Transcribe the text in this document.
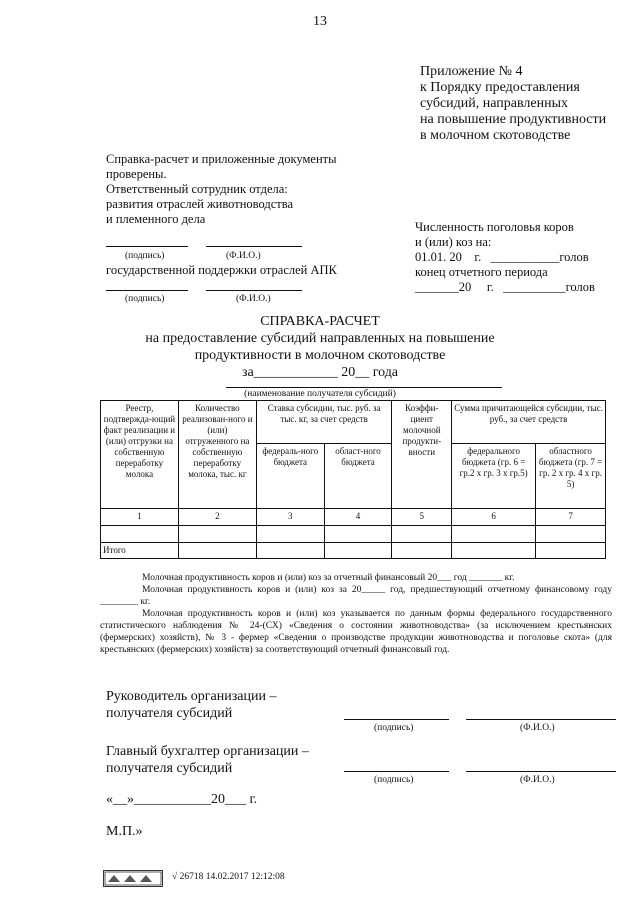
13
Приложение № 4
к Порядку предоставления
субсидий, направленных
на повышение продуктивности
в молочном скотоводстве
Справка-расчет и приложенные документы
проверены.
Ответственный сотрудник отдела:
развития отраслей животноводства
и племенного дела
(подпись)	(Ф.И.О.)
государственной поддержки отраслей АПК
(подпись)	(Ф.И.О.)
Численность поголовья коров
и (или) коз на:
01.01. 20    г.   ___________голов
конец отчетного периода
_______20     г.   __________голов
СПРАВКА-РАСЧЕТ
на предоставление субсидий направленных на повышение
продуктивности в молочном скотоводстве
за____________ 20__ года
(наименование получателя субсидий)
Реестр, подтвержда-ющий факт реализации и (или) отгрузки на собственную переработку молока	Количество реализован-ного и (или) отгруженного на собственную переработку молока, тыс. кг	Ставка субсидии, тыс. руб. за тыс. кг, за счет средств		Коэффи-циент молочной продукти-вности	Сумма причитающейся субсидии, тыс. руб., за счет средств	
		федераль-ного бюджета	област-ного бюджета		федерального бюджета (гр. 6 = гр.2 х гр. 3 х гр.5)	областного бюджета (гр. 7 = гр. 2 х гр. 4 х гр. 5)
1	2	3	4	5	6	7

Итого						

Молочная продуктивность коров и (или) коз за отчетный финансовый 20___ год _______ кг.

Молочная продуктивность коров и (или) коз за 20_____ год, предшествующий отчетному финансовому году ________ кг.

Молочная продуктивность коров и (или) коз указывается по данным формы федерального государственного статистического наблюдения № 24-(СХ) «Сведения о состоянии животноводства» (за исключением крестьянских (фермерских) хозяйств), № 3 - фермер «Сведения о производстве продукции животноводства и поголовье скота» (для крестьянских (фермерских) хозяйств) за соответствующий отчетный финансовый год.

Руководитель организации –
получателя субсидий
(подпись)	(Ф.И.О.)
Главный бухгалтер организации –
получателя субсидий
(подпись)	(Ф.И.О.)
«__»___________20___ г.
М.П.»
√ 26718 14.02.2017 12:12:08
